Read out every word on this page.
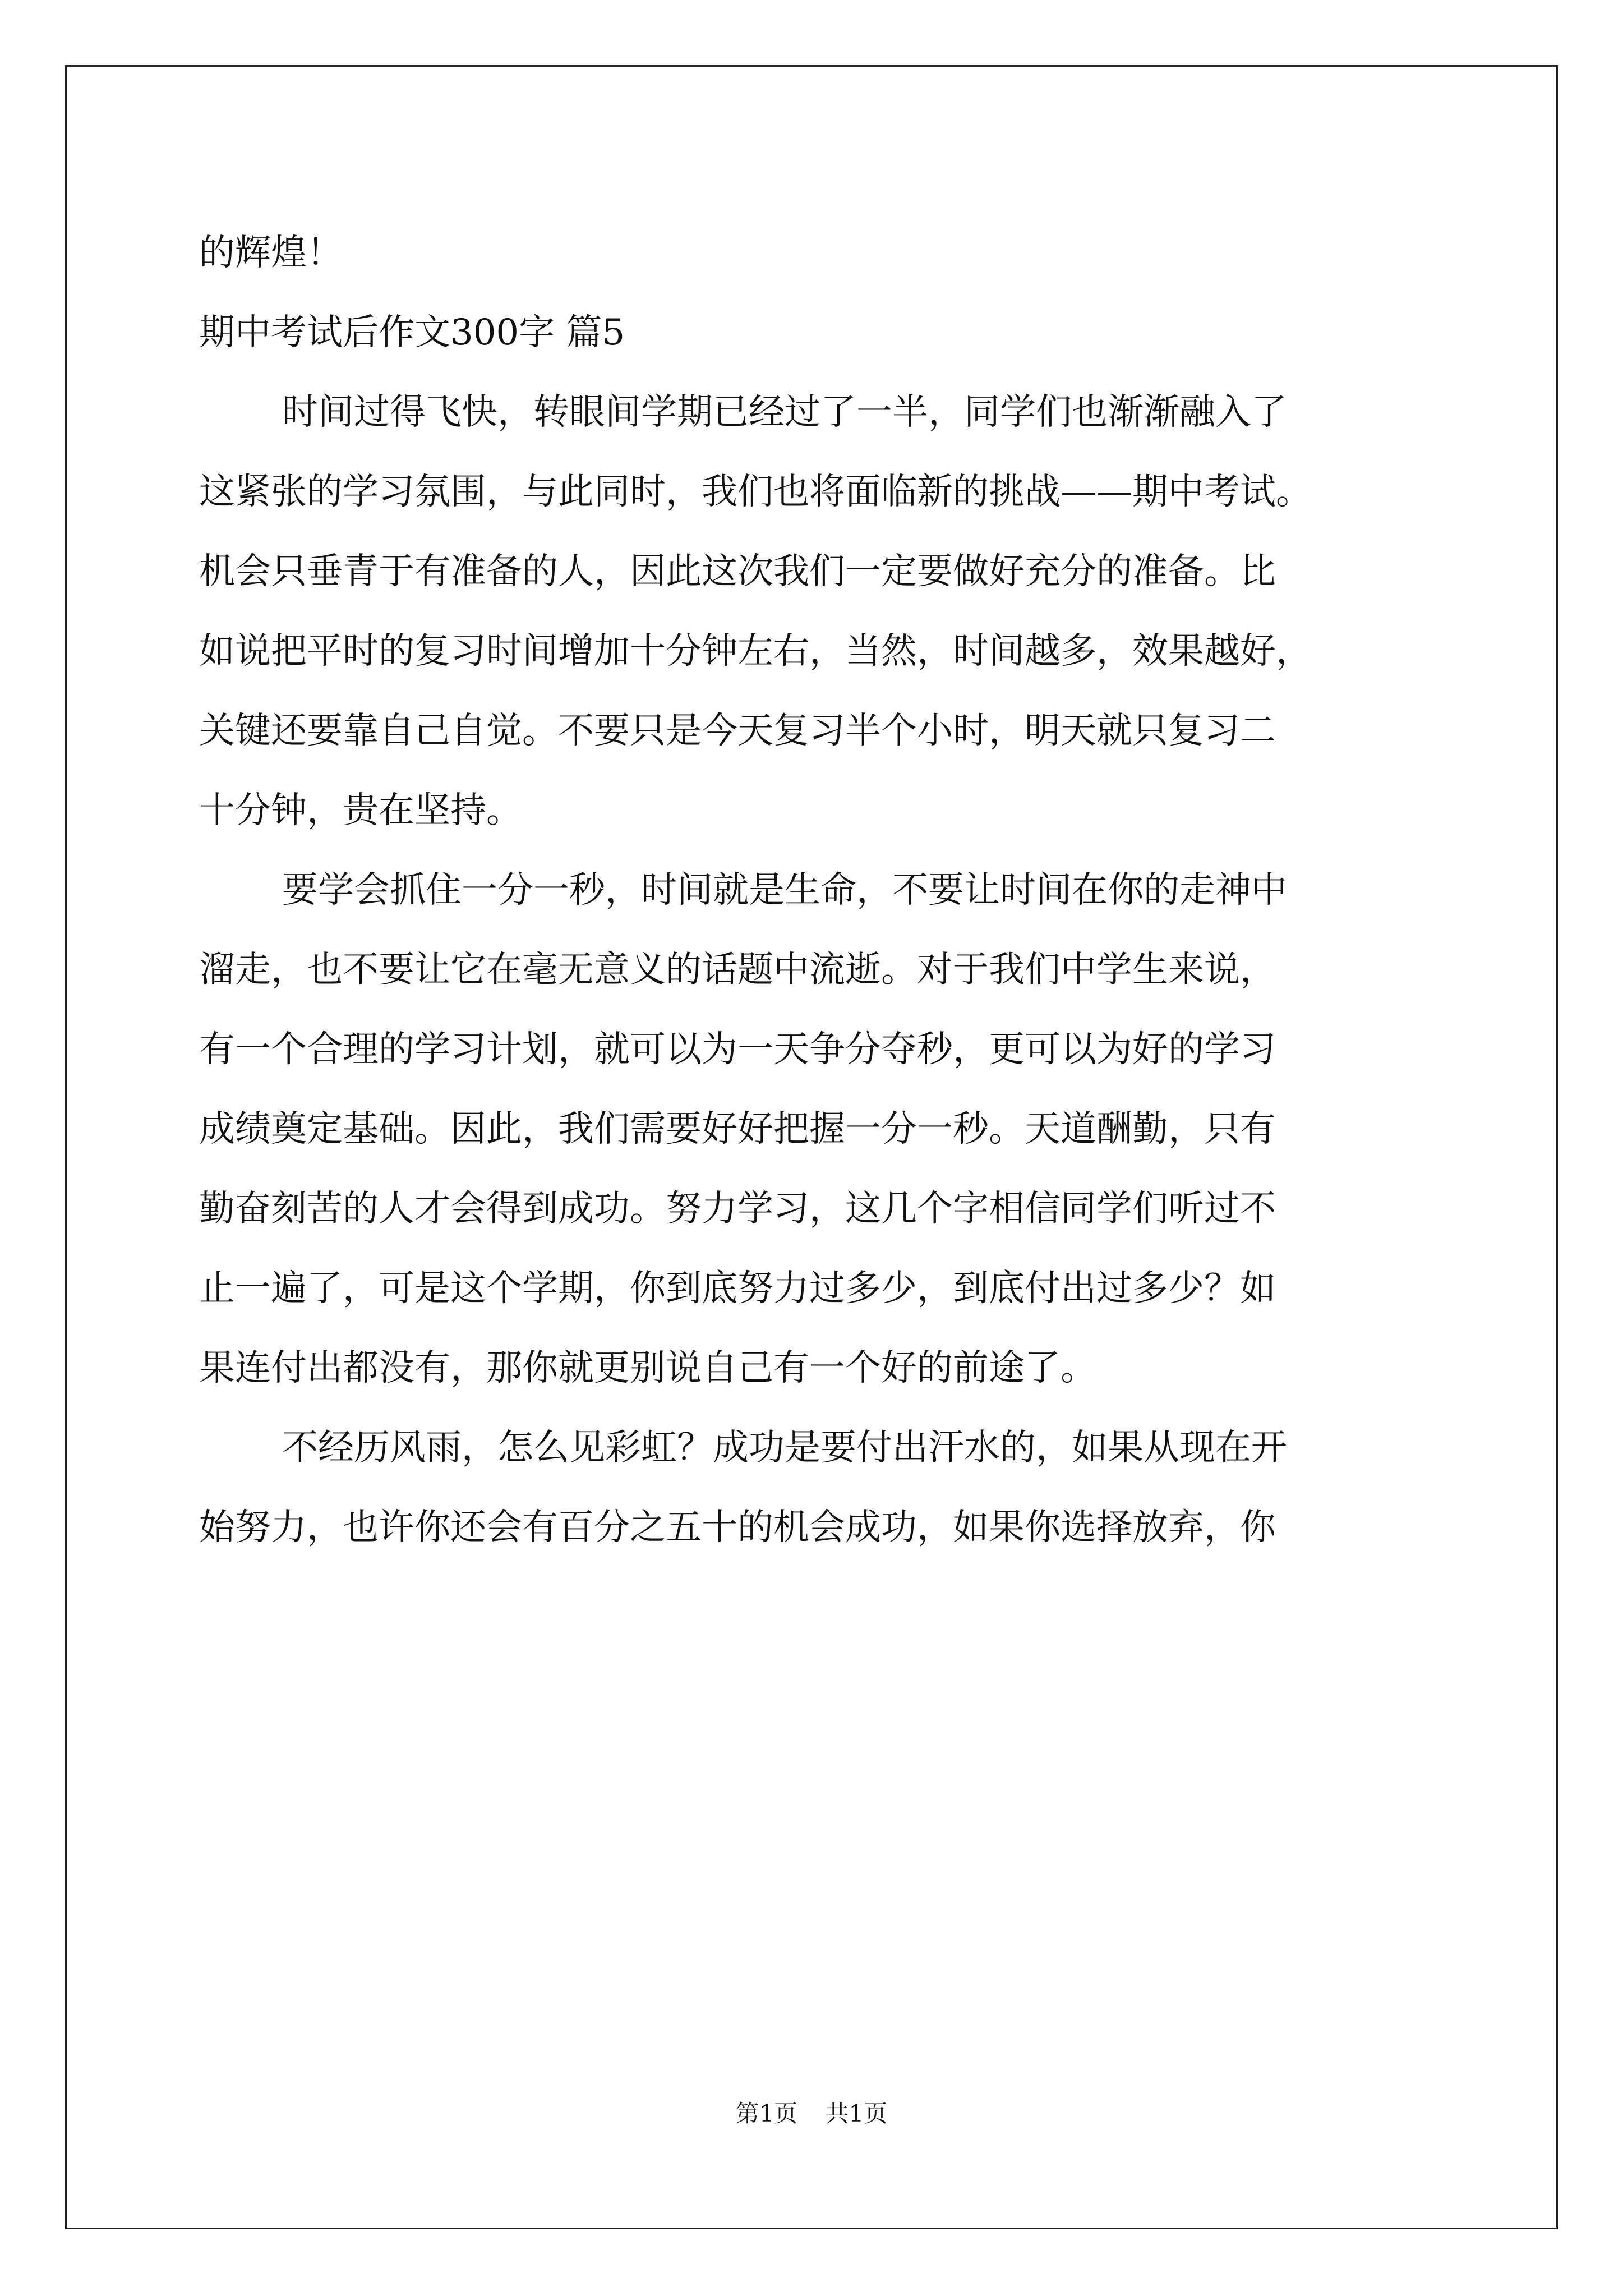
的辉煌！
期中考试后作文300字 篇5
时间过得飞快，转眼间学期已经过了一半，同学们也渐渐融入了
这紧张的学习氛围，与此同时，我们也将面临新的挑战——期中考试。
机会只垂青于有准备的人，因此这次我们一定要做好充分的准备。比
如说把平时的复习时间增加十分钟左右，当然，时间越多，效果越好，
关键还要靠自己自觉。不要只是今天复习半个小时，明天就只复习二
十分钟，贵在坚持。
要学会抓住一分一秒，时间就是生命，不要让时间在你的走神中
溜走，也不要让它在毫无意义的话题中流逝。对于我们中学生来说，
有一个合理的学习计划，就可以为一天争分夺秒，更可以为好的学习
成绩奠定基础。因此，我们需要好好把握一分一秒。天道酬勤，只有
勤奋刻苦的人才会得到成功。努力学习，这几个字相信同学们听过不
止一遍了，可是这个学期，你到底努力过多少，到底付出过多少？如
果连付出都没有，那你就更别说自己有一个好的前途了。
不经历风雨，怎么见彩虹？成功是要付出汗水的，如果从现在开
始努力，也许你还会有百分之五十的机会成功，如果你选择放弃，你
第1页 共1页
